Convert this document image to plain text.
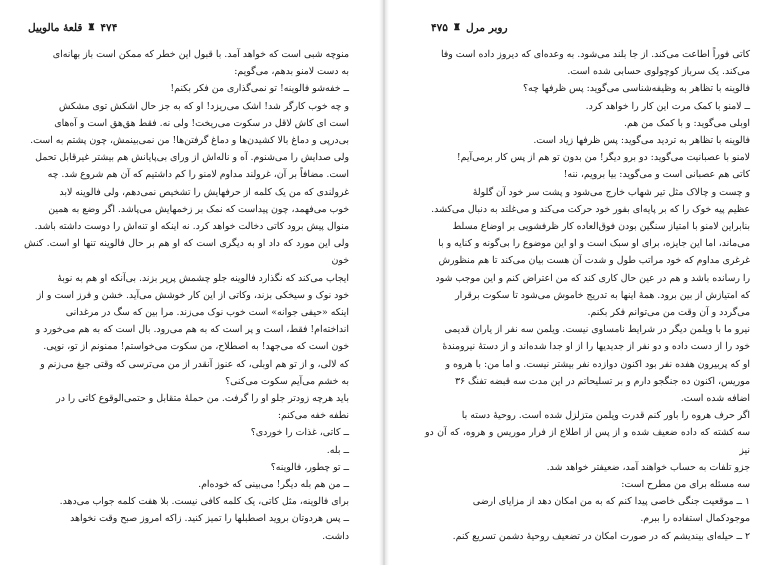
۴۷۴
♜
قلعهٔ مالوییل

منوچه شبی است که خواهد آمد. با قبول این خطر که ممکن است باز بهانه‌ای

به دست لامنو بدهم، می‌گویم:

ــ خفه‌شو فالوینه! تو نمی‌گذاری من فکر بکنم!

و چه خوب کارگر شد! اشک می‌ریزد! او که به جز حال اشکش توی مشکش

است ای کاش لاقل در سکوت می‌ریخت! ولی نه. فقط هق‌هق است و آه‌های

بی‌درپی و دماغ بالا کشیدن‌ها و دماغ گرفتن‌ها! من نمی‌بینمش، چون پشتم به است.

ولی صدایش را می‌شنوم. آه و ناله‌اش از ورای بی‌پایانش هم بیشتر غیرقابل تحمل

است. مضافاً بر آن، غرولند مداوم لامنو را کم داشتیم که آن هم شروع شد. چه

غرولندی که من یک کلمه از حرفهایش را تشخیص نمی‌دهم، ولی فالوینه لابد

خوب می‌فهمد، چون پیداست که نمک بر زخمهایش می‌پاشد. اگر وضع به همین

منوال پیش برود کاتی دخالت خواهد کرد. نه اینکه او تنه‌اش را دوست داشته باشد.

ولی این مورد که داد او به دیگری است که او هم بر حال فالوینه تنها او است. کنش خون

ایجاب می‌کند که نگذارد فالوینه جلو چشمش پرپر بزند. بی‌آنکه او هم به نوبهٔ

خود نوک و سیخکی بزند، وکاتی از این کار خوشش می‌آید. خشن و فرز است و از

اینکه «حیفی جوانه» است خوب نوک می‌زند. مرا بین که سگ در مرغدانی

انداخته‌ام! فقط، است و پر است که به هم می‌رود. بال است که به هم می‌خورد و

خون است که می‌جهد! به اصطلاح، من سکوت می‌خواستم! ممنونم از تو، نوپی.

که لالی، و از تو هم اوبلی، که عنوز آنقدر از من می‌ترسی که وقتی جیغ می‌زنم و

به خشم می‌آیم سکوت می‌کنی؟

باید هرچه زودتر جلو او را گرفت. من حملهٔ متقابل و حتمی‌الوقوع کاتی را در

نطفه خفه می‌کنم:

ــ کاتی، غذات را خوردی؟

ــ بله.

ــ تو چطور، فالوینه؟

ــ من هم بله دیگر! می‌بینی که خوده‌ام.

برای فالوینه، مثل کاتی، یک کلمه کافی نیست. بلا هفت کلمه جواب می‌دهد.

ــ پس هردوتان بروید اصطبلها را تمیز کنید. زاکه امروز صبح وقت نخواهد

داشت.

روبر مرل
♜
۴۷۵

کاتی فوراً اطاعت می‌کند. از جا بلند می‌شود. به وعده‌ای که دیروز داده است وفا

می‌کند. یک سرباز کوچولوی حسابی شده است.

فالوینه با تظاهر به وظیفه‌شناسی می‌گوید: پس ظرفها چه؟

ــ لامنو با کمک مرت این کار را خواهد کرد.

اوبلی می‌گوید: و با کمک من هم.

فالوینه با تظاهر به تردید می‌گوید: پس ظرفها زیاد است.

لامنو با عصبانیت می‌گوید: دو برو دیگر! من بدون تو هم از پس کار برمی‌آیم!

کاتی هم عصبانی است و می‌گوید: بیا برویم، ننه!

و چست و چالاک مثل تیر شهاب خارج می‌شود و پشت سر خود آن گلولهٔ

عظیم پیه خوک را که بر پایه‌ای بفور خود حرکت می‌کند و می‌غلتد به دنبال می‌کشد.

بنابراین لامنو با امتیاز سنگین بودن فوق‌العاده کار ظرفشویی بر اوضاع مسلط

می‌ماند، اما این جایزه، برای او سبک است و او این موضوع را بی‌گونه و کنایه و با

غرغری مداوم که خود مراتب طول و شدت آن هست بیان می‌کند تا هم منظورش

را رسانده باشد و هم در عین حال کاری کند که من اعتراض کنم و این موجب شود

که امتیازش از بین برود. همهٔ اینها به تدریج خاموش می‌شود تا سکوت برقرار

می‌گردد و آن وقت من می‌توانم فکر بکنم.

نیرو ما با ویلمن دیگر در شرایط نامساوی نیست. ویلمن سه نفر از یاران قدیمی

خود را از دست داده و دو نفر از جدیدیها را از او جدا شده‌اند و از دستهٔ نیرومندهٔ

او که پربیرون هفده نفر بود اکنون دوازده نفر بیشتر نیست. و اما من: با هروه و

موریس، اکنون ده جنگجو دارم و بر تسلیحاتم در این مدت سه قبضه تفنگ ۳۶

اضافه شده است.

اگر حرف هروه را باور کنم قدرت ویلمن متزلزل شده است. روحیهٔ دسته با

سه کشته که داده ضعیف شده و از پس از اطلاع از فرار موریس و هروه، که آن دو نیز

جزو تلفات به حساب خواهند آمد، ضعیفتر خواهد شد.

سه مسئله برای من مطرح است:

۱ ــ موقعیت جنگی خاصی پیدا کنم که به من امکان دهد از مزایای ارضی

موجودکمال استفاده را ببرم.

۲ ــ حیله‌ای بیندیشم که در صورت امکان در تضعیف روحیهٔ دشمن تسریع کنم.
